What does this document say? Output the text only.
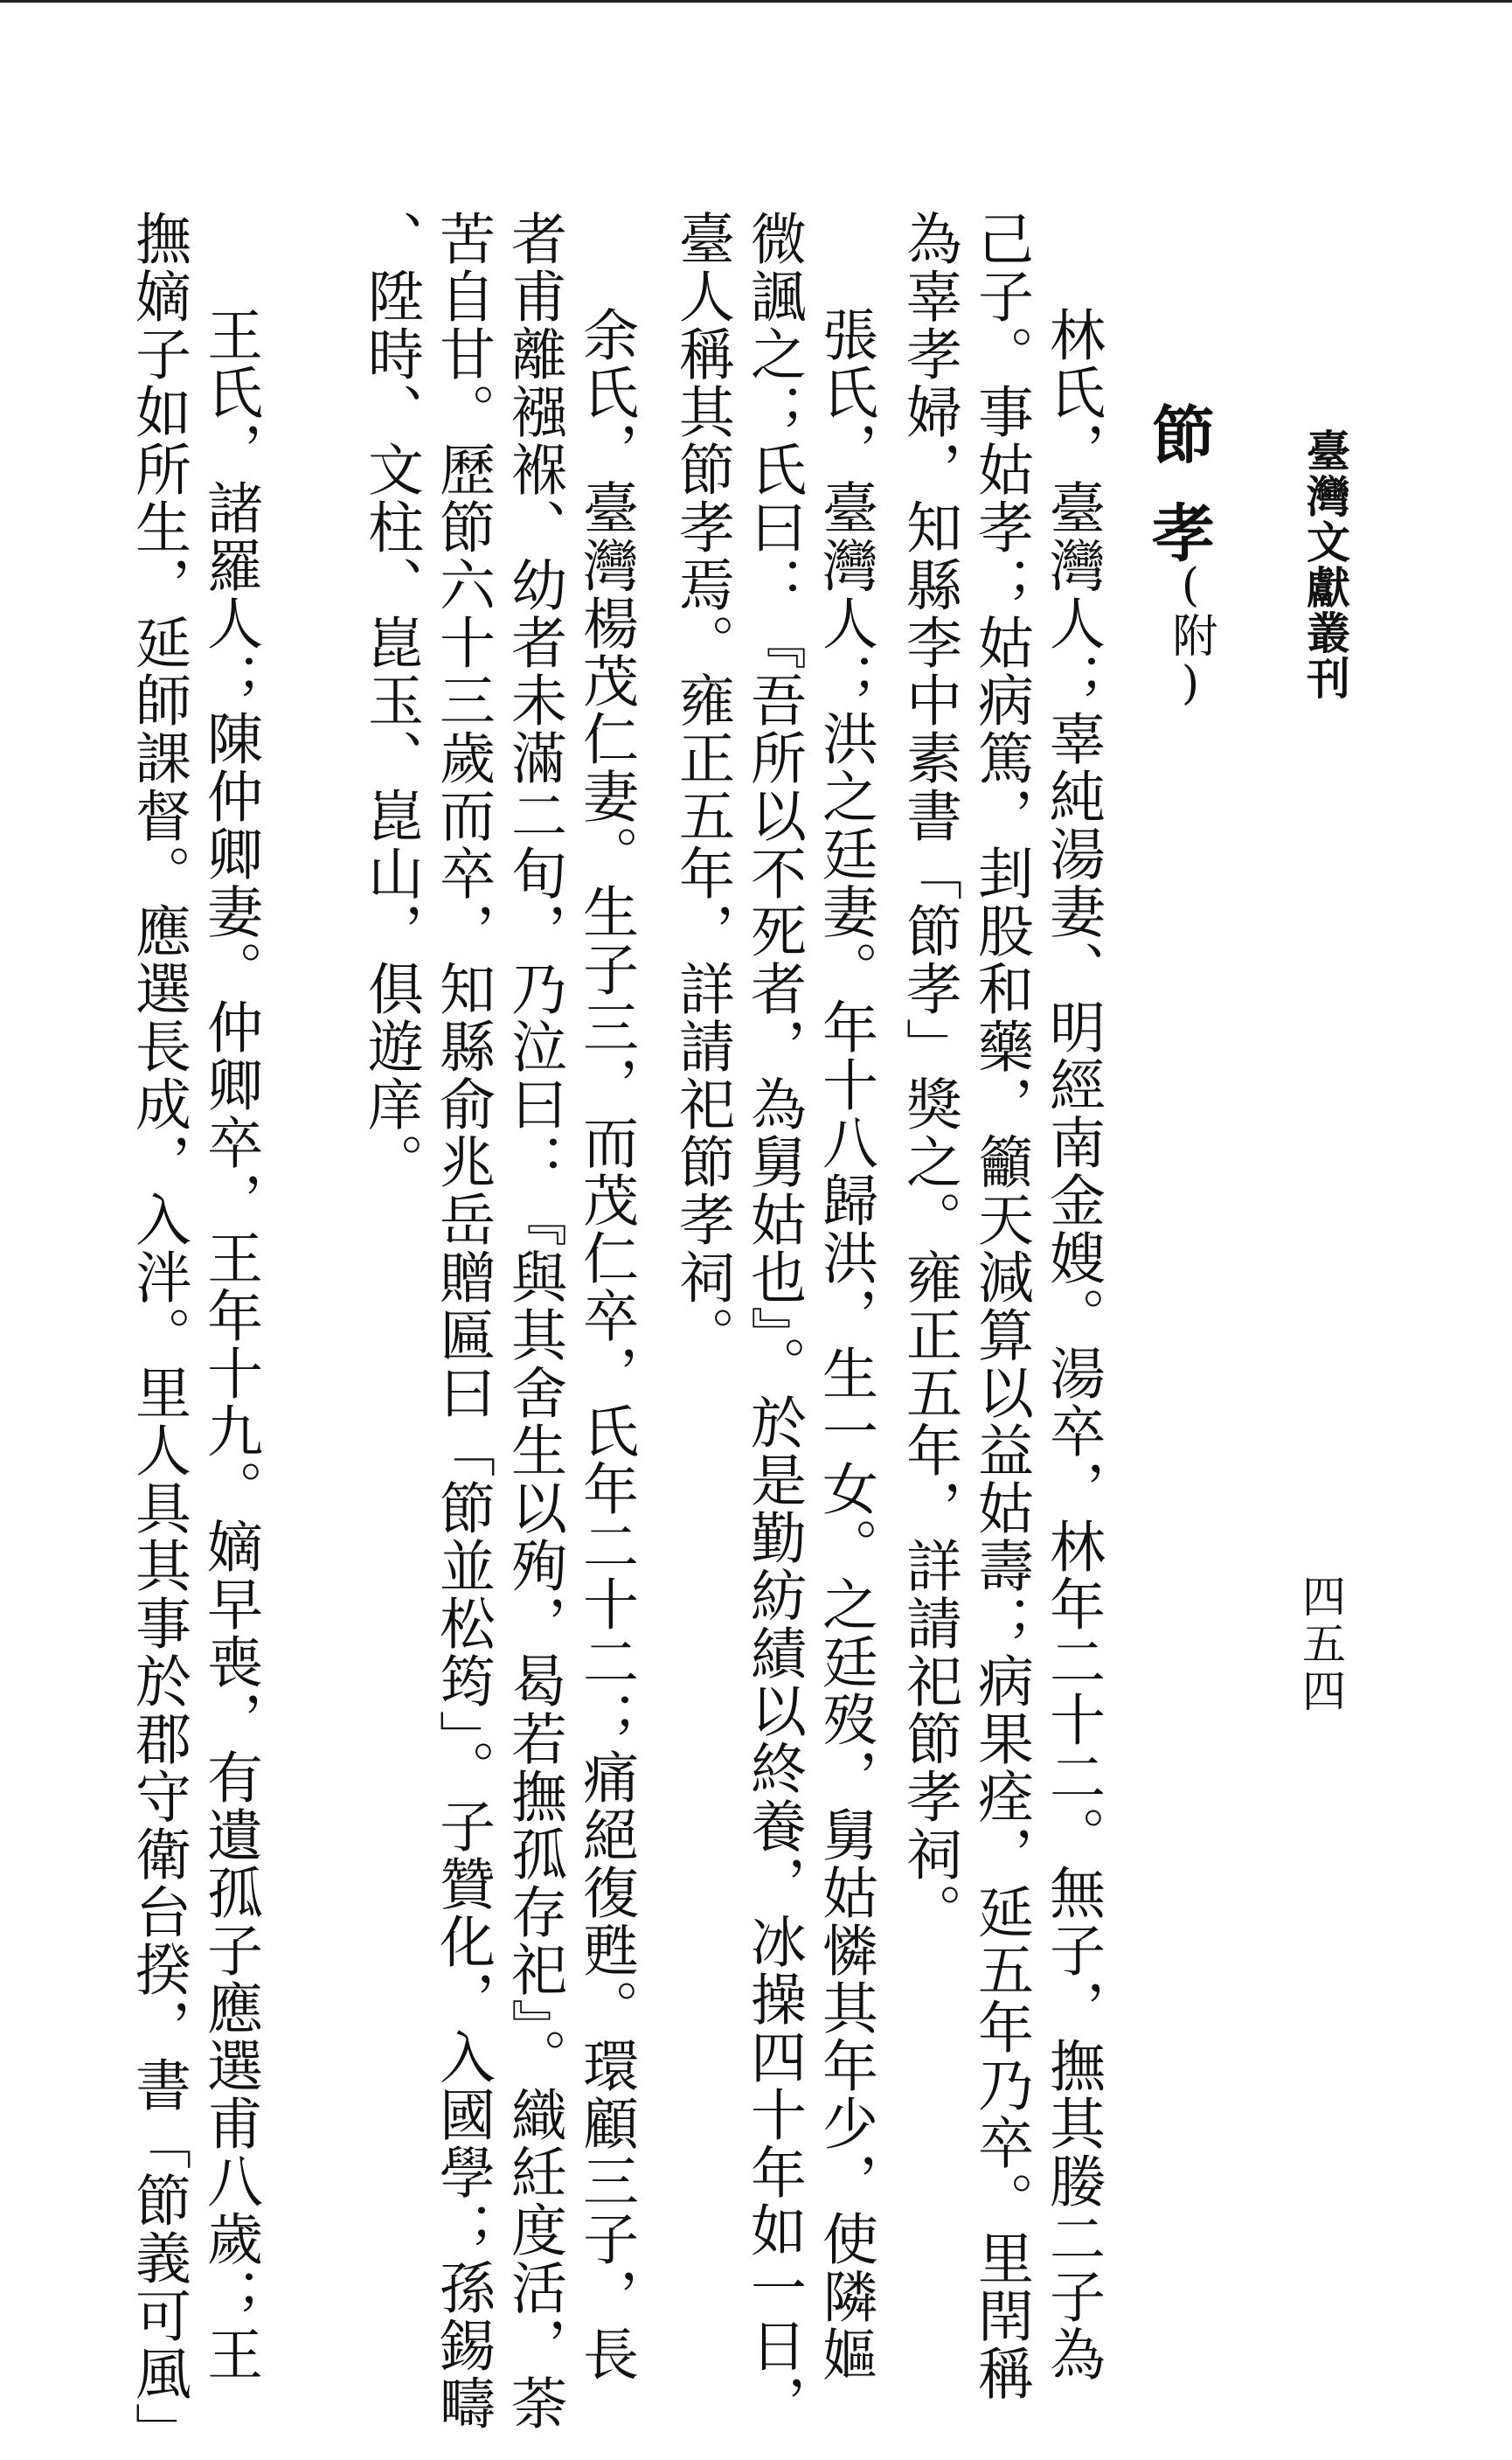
臺灣文獻叢刊
四五四
節孝
(附)
林氏，臺灣人；辜純湯妻、明經南金嫂。湯卒，林年二十二。無子，撫其媵二子為
己子。事姑孝；姑病篤，刲股和藥，籲天減算以益姑壽；病果痊，延五年乃卒。里閈稱
為辜孝婦，知縣李中素書「節孝」獎之。雍正五年，詳請祀節孝祠。
張氏，臺灣人；洪之廷妻。年十八歸洪，生一女。之廷歿，舅姑憐其年少，使隣嫗
微諷之；氏曰：『吾所以不死者，為舅姑也』。於是勤紡績以終養，冰操四十年如一日，
臺人稱其節孝焉。雍正五年，詳請祀節孝祠。
余氏，臺灣楊茂仁妻。生子三，而茂仁卒，氏年二十二；痛絕復甦。環顧三子，長
者甫離襁褓、幼者未滿二旬，乃泣曰：『與其舍生以殉，曷若撫孤存祀』。織紝度活，荼
苦自甘。歷節六十三歲而卒，知縣俞兆岳贈匾曰「節並松筠」。子贊化，入國學；孫錫疇
、陞時、文柱、崑玉、崑山，俱遊庠。
王氏，諸羅人；陳仲卿妻。仲卿卒，王年十九。嫡早喪，有遺孤子應選甫八歲；王
撫嫡子如所生，延師課督。應選長成，入泮。里人具其事於郡守衛台揆，書「節義可風」
